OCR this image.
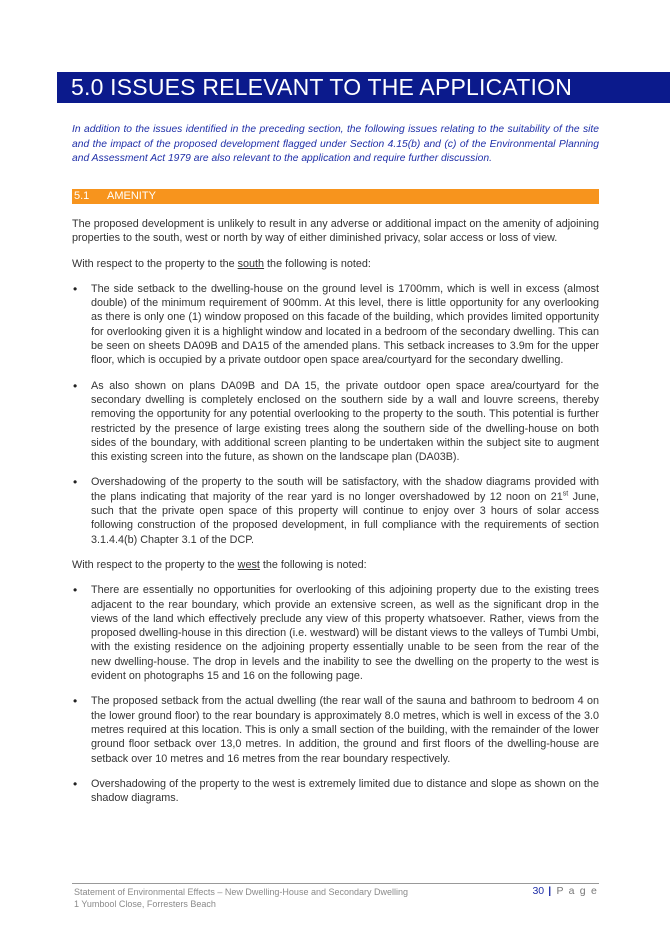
5.0 ISSUES RELEVANT TO THE APPLICATION

In addition to the issues identified in the preceding section, the following issues relating to the suitability of the site and the impact of the proposed development flagged under Section 4.15(b) and (c) of the Environmental Planning and Assessment Act 1979 are also relevant to the application and require further discussion.

5.1 AMENITY

The proposed development is unlikely to result in any adverse or additional impact on the amenity of adjoining properties to the south, west or north by way of either diminished privacy, solar access or loss of view.

With respect to the property to the south the following is noted:

• The side setback to the dwelling-house on the ground level is 1700mm, which is well in excess (almost double) of the minimum requirement of 900mm. At this level, there is little opportunity for any overlooking as there is only one (1) window proposed on this facade of the building, which provides limited opportunity for overlooking given it is a highlight window and located in a bedroom of the secondary dwelling. This can be seen on sheets DA09B and DA15 of the amended plans. This setback increases to 3.9m for the upper floor, which is occupied by a private outdoor open space area/courtyard for the secondary dwelling.
• As also shown on plans DA09B and DA 15, the private outdoor open space area/courtyard for the secondary dwelling is completely enclosed on the southern side by a wall and louvre screens, thereby removing the opportunity for any potential overlooking to the property to the south. This potential is further restricted by the presence of large existing trees along the southern side of the dwelling-house on both sides of the boundary, with additional screen planting to be undertaken within the subject site to augment this existing screen into the future, as shown on the landscape plan (DA03B).
• Overshadowing of the property to the south will be satisfactory, with the shadow diagrams provided with the plans indicating that majority of the rear yard is no longer overshadowed by 12 noon on 21st June, such that the private open space of this property will continue to enjoy over 3 hours of solar access following construction of the proposed development, in full compliance with the requirements of section 3.1.4.4(b) Chapter 3.1 of the DCP.

With respect to the property to the west the following is noted:

• There are essentially no opportunities for overlooking of this adjoining property due to the existing trees adjacent to the rear boundary, which provide an extensive screen, as well as the significant drop in the views of the land which effectively preclude any view of this property whatsoever. Rather, views from the proposed dwelling-house in this direction (i.e. westward) will be distant views to the valleys of Tumbi Umbi, with the existing residence on the adjoining property essentially unable to be seen from the rear of the new dwelling-house. The drop in levels and the inability to see the dwelling on the property to the west is evident on photographs 15 and 16 on the following page.
• The proposed setback from the actual dwelling (the rear wall of the sauna and bathroom to bedroom 4 on the lower ground floor) to the rear boundary is approximately 8.0 metres, which is well in excess of the 3.0 metres required at this location. This is only a small section of the building, with the remainder of the lower ground floor setback over 13,0 metres. In addition, the ground and first floors of the dwelling-house are setback over 10 metres and 16 metres from the rear boundary respectively.
• Overshadowing of the property to the west is extremely limited due to distance and slope as shown on the shadow diagrams.
Statement of Environmental Effects – New Dwelling-House and Secondary Dwelling
1 Yumbool Close, Forresters Beach
30 | P a g e
